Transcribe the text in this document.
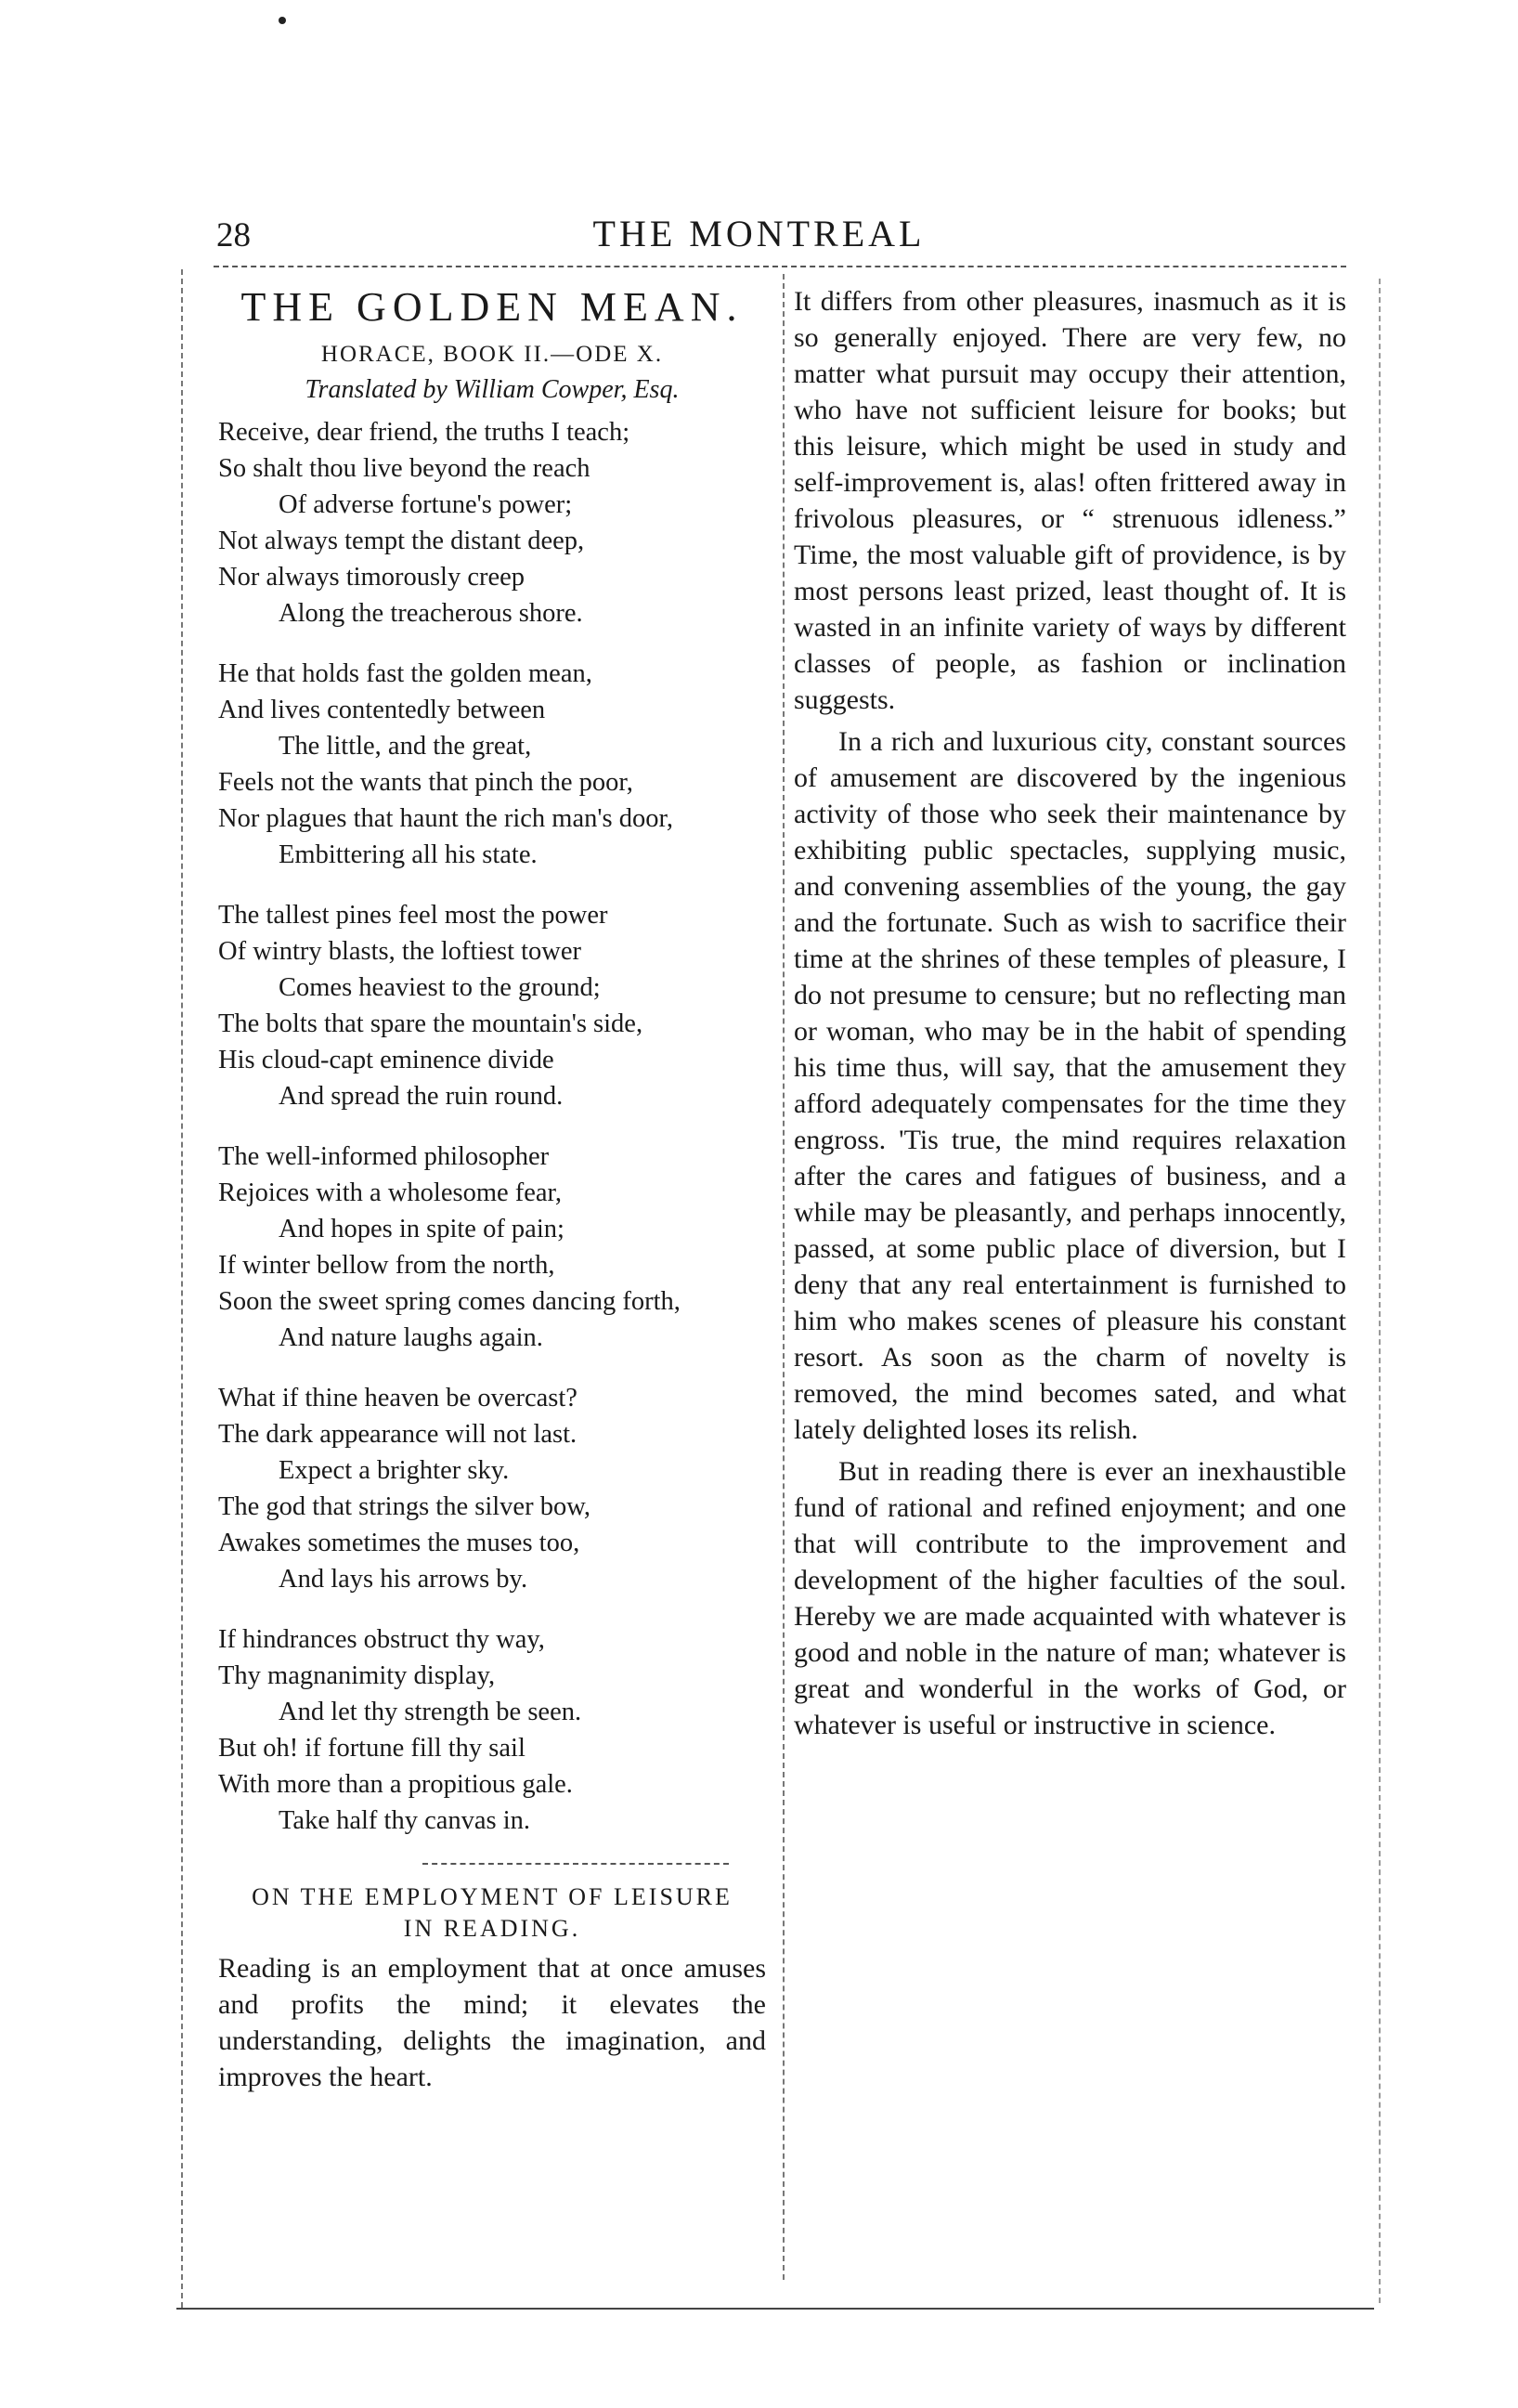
28	THE MONTREAL
THE GOLDEN MEAN.
HORACE, BOOK II.—ODE X.
Translated by William Cowper, Esq.
Receive, dear friend, the truths I teach;
So shalt thou live beyond the reach
Of adverse fortune's power;
Not always tempt the distant deep,
Nor always timorously creep
Along the treacherous shore.
He that holds fast the golden mean,
And lives contentedly between
The little, and the great,
Feels not the wants that pinch the poor,
Nor plagues that haunt the rich man's door,
Embittering all his state.
The tallest pines feel most the power
Of wintry blasts, the loftiest tower
Comes heaviest to the ground;
The bolts that spare the mountain's side,
His cloud-capt eminence divide
And spread the ruin round.
The well-informed philosopher
Rejoices with a wholesome fear,
And hopes in spite of pain;
If winter bellow from the north,
Soon the sweet spring comes dancing forth,
And nature laughs again.
What if thine heaven be overcast?
The dark appearance will not last.
Expect a brighter sky.
The god that strings the silver bow,
Awakes sometimes the muses too,
And lays his arrows by.
If hindrances obstruct thy way,
Thy magnanimity display,
And let thy strength be seen.
But oh! if fortune fill thy sail
With more than a propitious gale.
Take half thy canvas in.
ON THE EMPLOYMENT OF LEISURE
IN READING.

Reading is an employment that at once amuses and profits the mind; it elevates the understanding, delights the imagination, and improves the heart.

It differs from other pleasures, inasmuch as it is so generally enjoyed. There are very few, no matter what pursuit may occupy their attention, who have not sufficient leisure for books; but this leisure, which might be used in study and self-improvement is, alas! often frittered away in frivolous pleasures, or “ strenuous idleness.” Time, the most valuable gift of providence, is by most persons least prized, least thought of. It is wasted in an infinite variety of ways by different classes of people, as fashion or inclination suggests.

In a rich and luxurious city, constant sources of amusement are discovered by the ingenious activity of those who seek their maintenance by exhibiting public spectacles, supplying music, and convening assemblies of the young, the gay and the fortunate. Such as wish to sacrifice their time at the shrines of these temples of pleasure, I do not presume to censure; but no reflecting man or woman, who may be in the habit of spending his time thus, will say, that the amusement they afford adequately compensates for the time they engross. 'Tis true, the mind requires relaxation after the cares and fatigues of business, and a while may be pleasantly, and perhaps innocently, passed, at some public place of diversion, but I deny that any real entertainment is furnished to him who makes scenes of pleasure his constant resort. As soon as the charm of novelty is removed, the mind becomes sated, and what lately delighted loses its relish.

But in reading there is ever an inexhaustible fund of rational and refined enjoyment; and one that will contribute to the improvement and development of the higher faculties of the soul. Hereby we are made acquainted with whatever is good and noble in the nature of man; whatever is great and wonderful in the works of God, or whatever is useful or instructive in science.
